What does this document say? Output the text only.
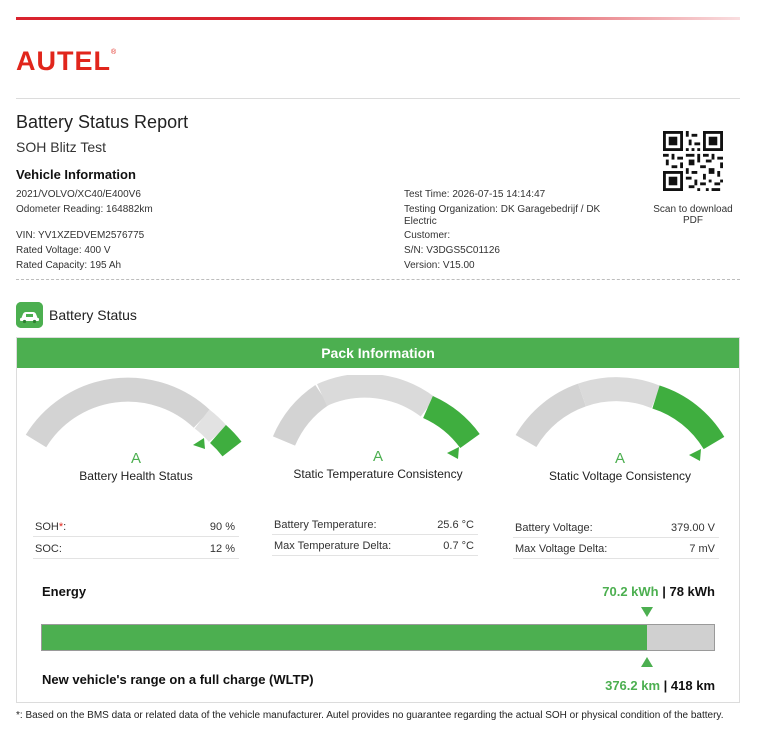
AUTEL®
Battery Status Report
SOH Blitz Test
Vehicle Information
2021/VOLVO/XC40/E400V6
Odometer Reading: 164882km
VIN: YV1XZEDVEM2576775
Rated Voltage: 400 V
Rated Capacity: 195 Ah
Test Time: 2026-07-15 14:14:47
Testing Organization: DK Garagebedrijf / DK
Electric
Customer:
S/N: V3DGS5C01126
Version: V15.00
Scan to download
PDF
Battery Status
Pack Information
A
Battery Health Status
A
Static Temperature Consistency
A
Static Voltage Consistency
SOH*:	90 %
SOC:	12 %
Battery Temperature:	25.6 °C
Max Temperature Delta:	0.7 °C
Battery Voltage:	379.00 V
Max Voltage Delta:	7 mV
Energy	70.2 kWh | 78 kWh
New vehicle's range on a full charge (WLTP)	376.2 km | 418 km
*: Based on the BMS data or related data of the vehicle manufacturer. Autel provides no guarantee regarding the actual SOH or physical condition of the battery.
